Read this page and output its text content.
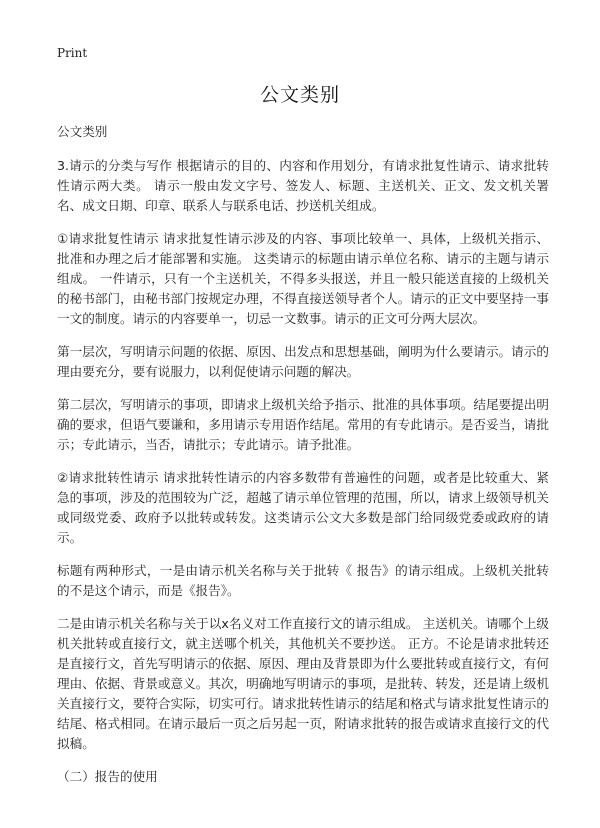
Print
公文类别

公文类别

3.请示的分类与写作 根据请示的目的、内容和作用划分，有请求批复性请示、请求批转性请示两大类。 请示一般由发文字号、签发人、标题、主送机关、正文、发文机关署名、成文日期、印章、联系人与联系电话、抄送机关组成。

①请求批复性请示 请求批复性请示涉及的内容、事项比较单一、具体，上级机关指示、批准和办理之后才能部署和实施。 这类请示的标题由请示单位名称、请示的主题与请示组成。 一件请示，只有一个主送机关，不得多头报送，并且一般只能送直接的上级机关的秘书部门，由秘书部门按规定办理，不得直接送领导者个人。请示的正文中要坚持一事一文的制度。请示的内容要单一，切忌一文数事。请示的正文可分两大层次。

第一层次，写明请示问题的依据、原因、出发点和思想基础，阐明为什么要请示。请示的理由要充分，要有说服力，以利促使请示问题的解决。

第二层次，写明请示的事项，即请求上级机关给予指示、批准的具体事项。结尾要提出明确的要求，但语气要谦和，多用请示专用语作结尾。常用的有专此请示。是否妥当，请批示；专此请示，当否，请批示；专此请示。请予批准。

②请求批转性请示 请求批转性请示的内容多数带有普遍性的问题，或者是比较重大、紧急的事项，涉及的范围较为广泛，超越了请示单位管理的范围，所以，请求上级领导机关或同级党委、政府予以批转或转发。这类请示公文大多数是部门给同级党委或政府的请示。

标题有两种形式，一是由请示机关名称与关于批转《 报告》的请示组成。上级机关批转的不是这个请示，而是《报告》。

二是由请示机关名称与关于以x名义对工作直接行文的请示组成。 主送机关。请哪个上级机关批转或直接行文，就主送哪个机关，其他机关不要抄送。 正方。不论是请求批转还是直接行文，首先写明请示的依据、原因、理由及背景即为什么要批转或直接行文，有何理由、依据、背景或意义。其次，明确地写明请示的事项，是批转、转发，还是请上级机关直接行文，要符合实际，切实可行。请求批转性请示的结尾和格式与请求批复性请示的结尾、格式相同。在请示最后一页之后另起一页，附请求批转的报告或请求直接行文的代拟稿。

（二）报告的使用
